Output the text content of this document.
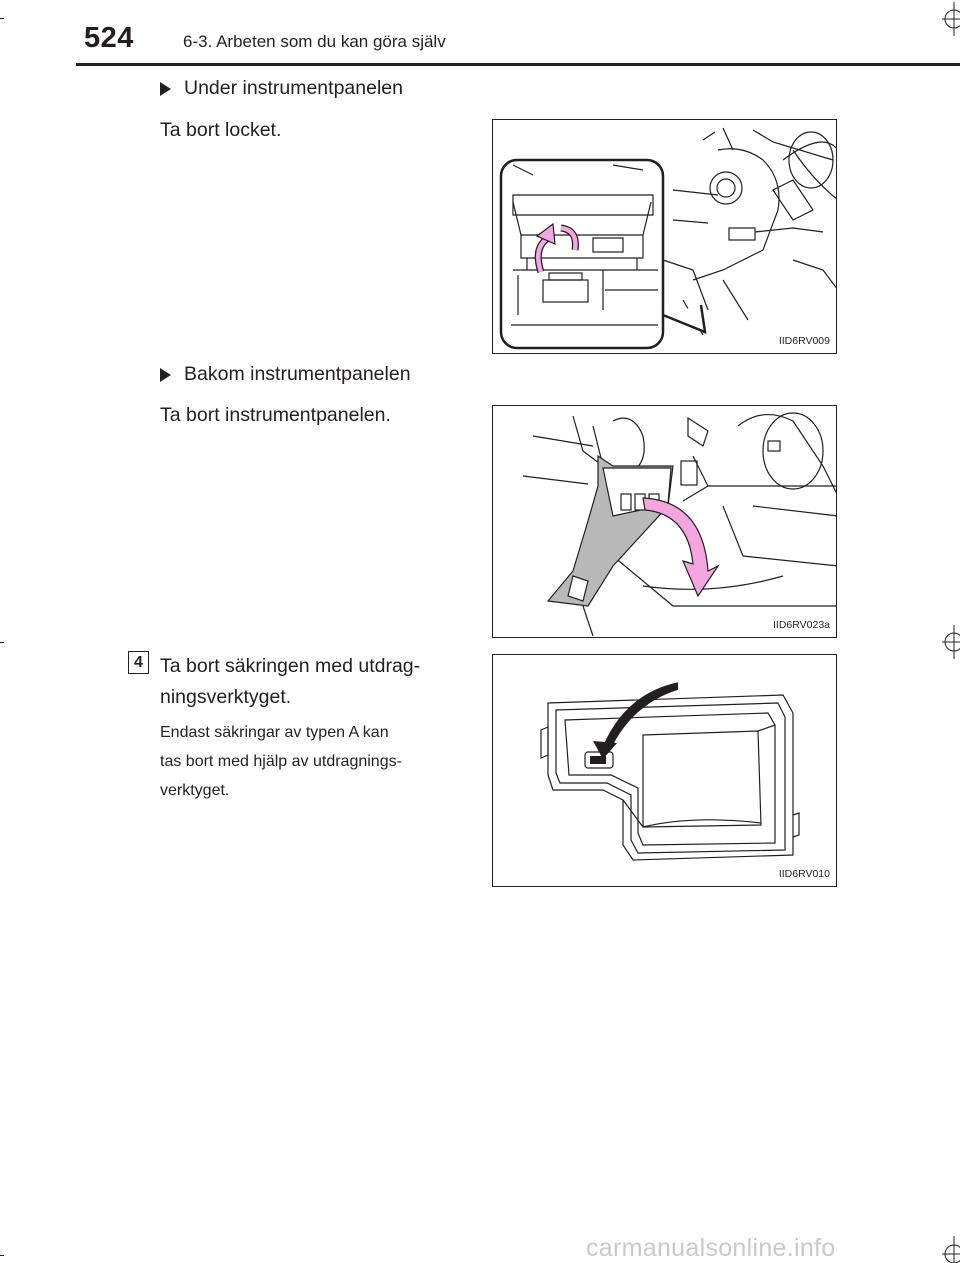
524	6-3. Arbeten som du kan göra själv
Under instrumentpanelen
Ta bort locket.
IID6RV009
Bakom instrumentpanelen
Ta bort instrumentpanelen.
IID6RV023a
4 Ta bort säkringen med utdrag-
ningsverktyget.
Endast säkringar av typen A kan
tas bort med hjälp av utdragnings-
verktyget.
IID6RV010
carmanualsonline.info
